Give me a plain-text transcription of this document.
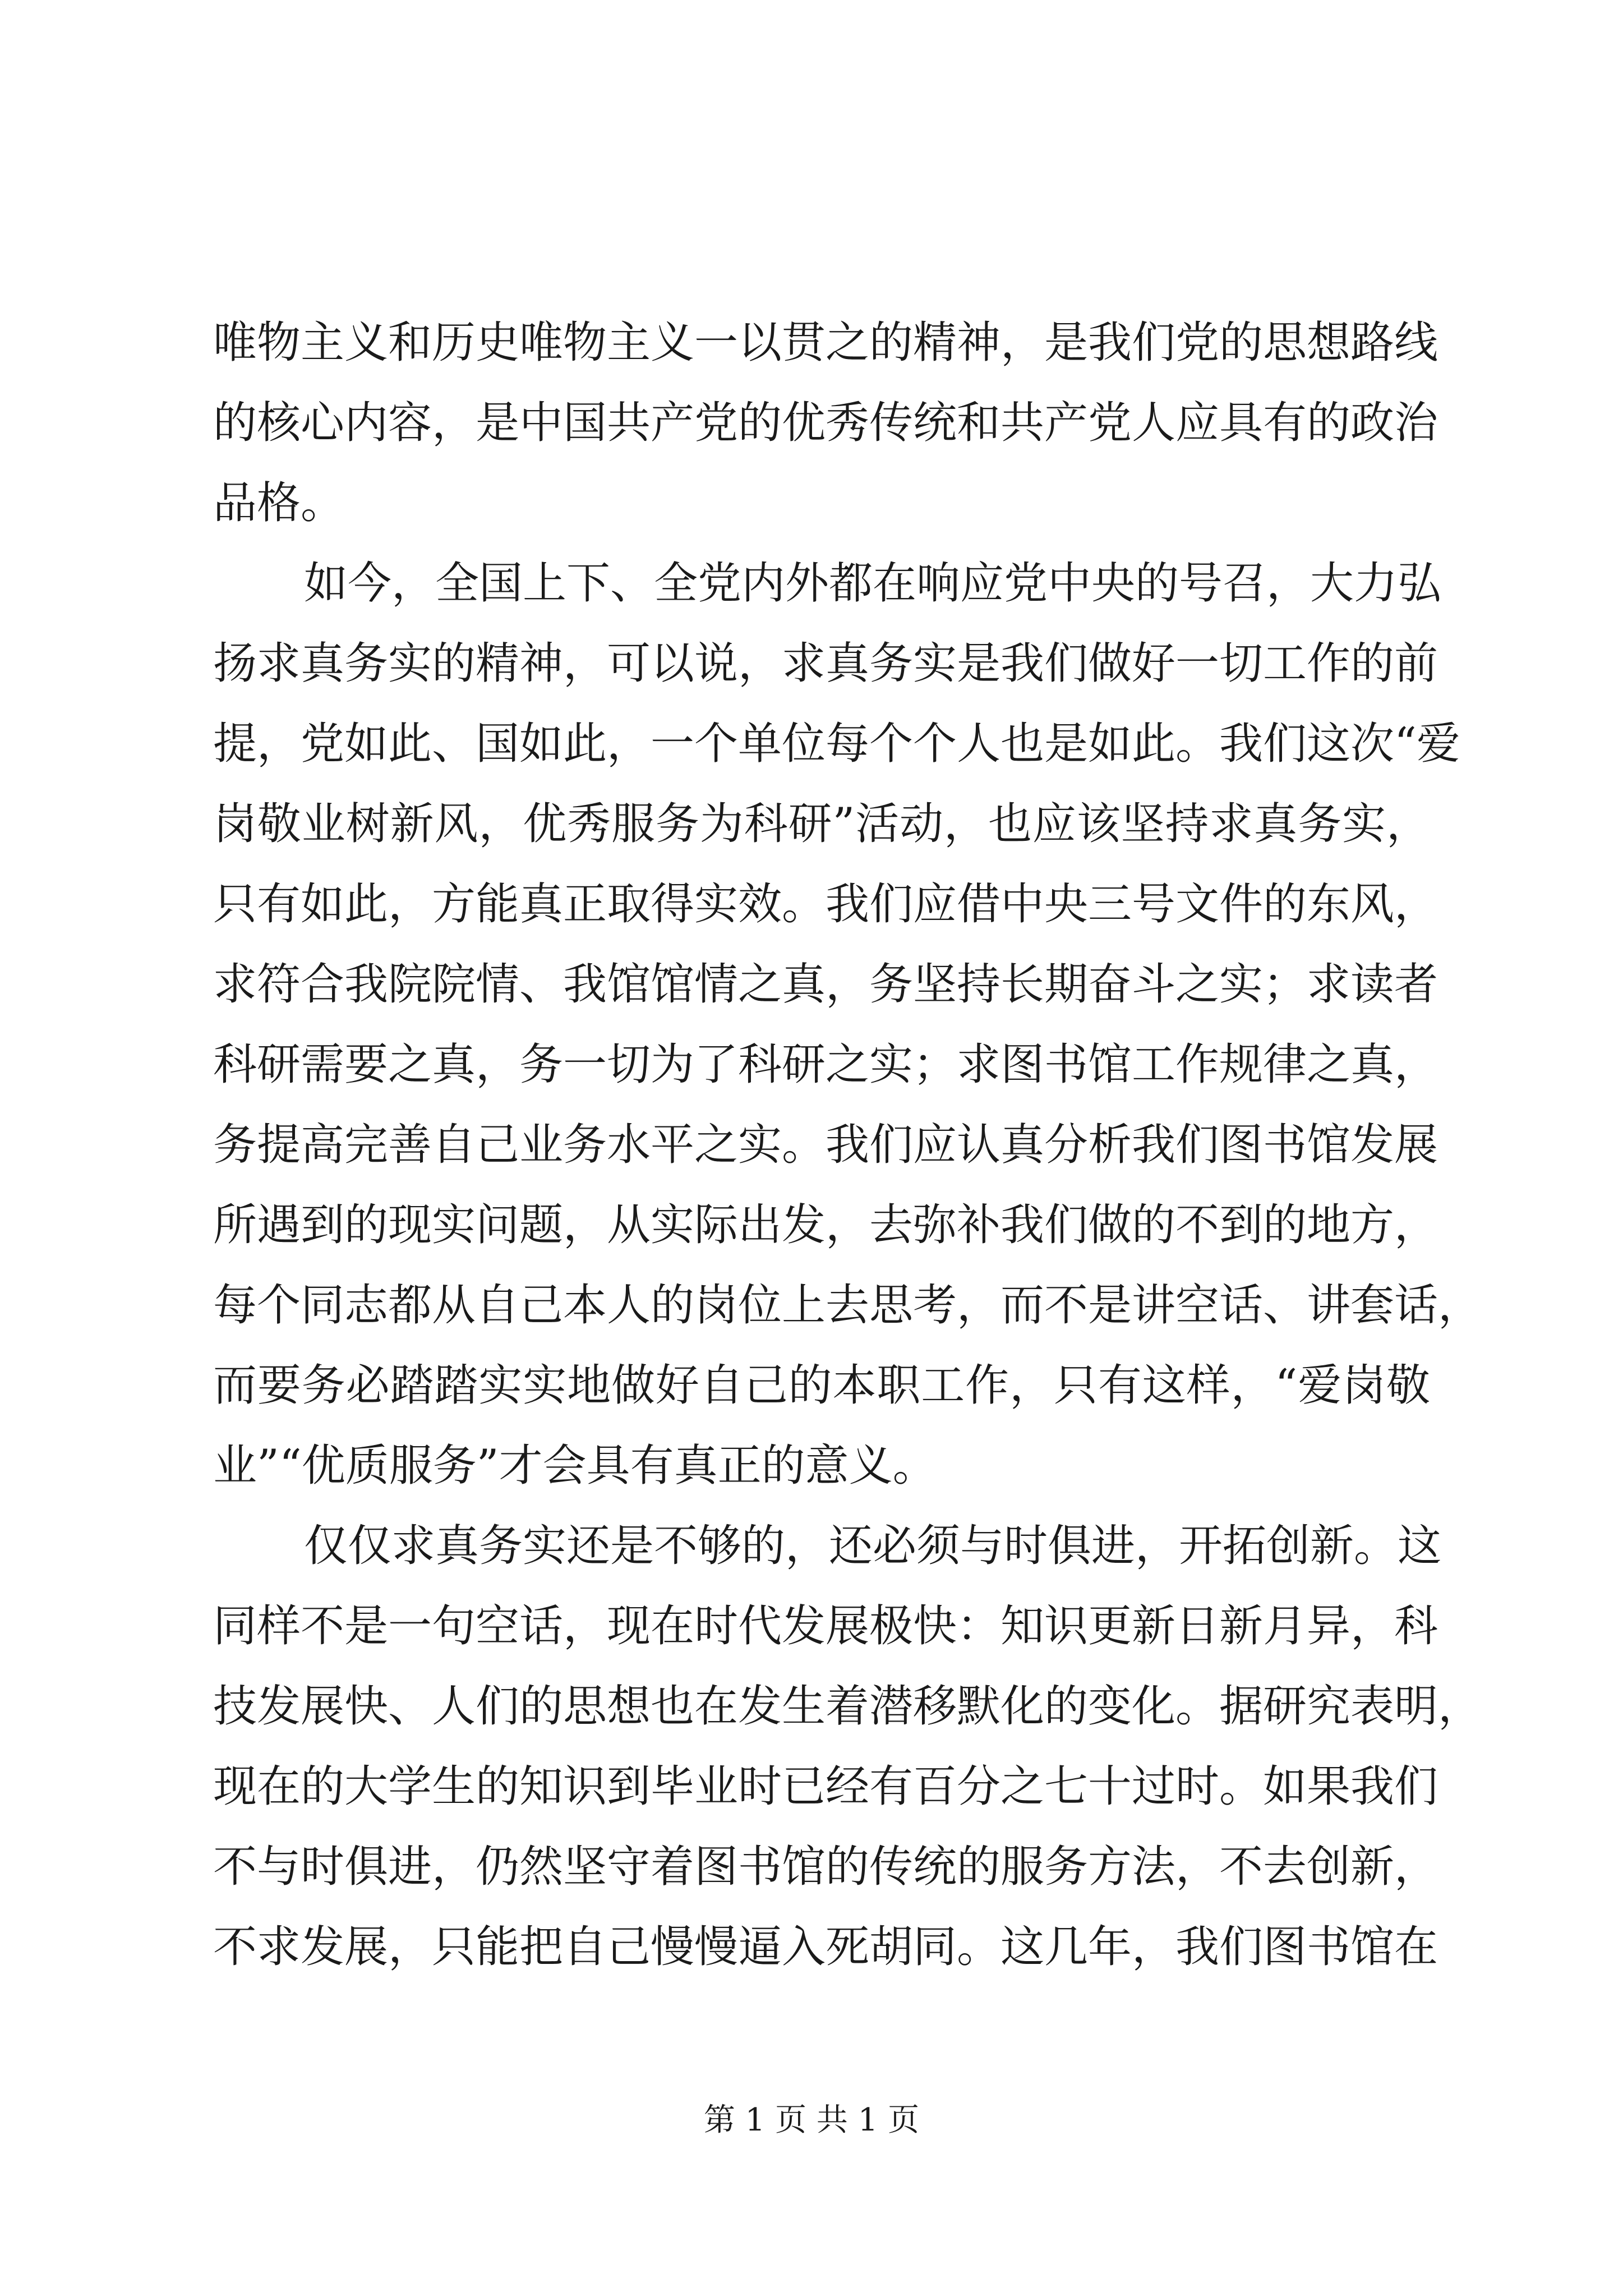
唯物主义和历史唯物主义一以贯之的精神，是我们党的思想路线
的核心内容，是中国共产党的优秀传统和共产党人应具有的政治
品格。
如今，全国上下、全党内外都在响应党中央的号召，大力弘
扬求真务实的精神，可以说，求真务实是我们做好一切工作的前
提，党如此、国如此，一个单位每个个人也是如此。我们这次“爱
岗敬业树新风，优秀服务为科研”活动，也应该坚持求真务实，
只有如此，方能真正取得实效。我们应借中央三号文件的东风，
求符合我院院情、我馆馆情之真，务坚持长期奋斗之实；求读者
科研需要之真，务一切为了科研之实；求图书馆工作规律之真，
务提高完善自己业务水平之实。我们应认真分析我们图书馆发展
所遇到的现实问题，从实际出发，去弥补我们做的不到的地方，
每个同志都从自己本人的岗位上去思考，而不是讲空话、讲套话，
而要务必踏踏实实地做好自己的本职工作，只有这样，“爱岗敬
业”“优质服务”才会具有真正的意义。
仅仅求真务实还是不够的，还必须与时俱进，开拓创新。这
同样不是一句空话，现在时代发展极快：知识更新日新月异，科
技发展快、人们的思想也在发生着潜移默化的变化。据研究表明，
现在的大学生的知识到毕业时已经有百分之七十过时。如果我们
不与时俱进，仍然坚守着图书馆的传统的服务方法，不去创新，
不求发展，只能把自己慢慢逼入死胡同。这几年，我们图书馆在
第 1 页 共 1 页
